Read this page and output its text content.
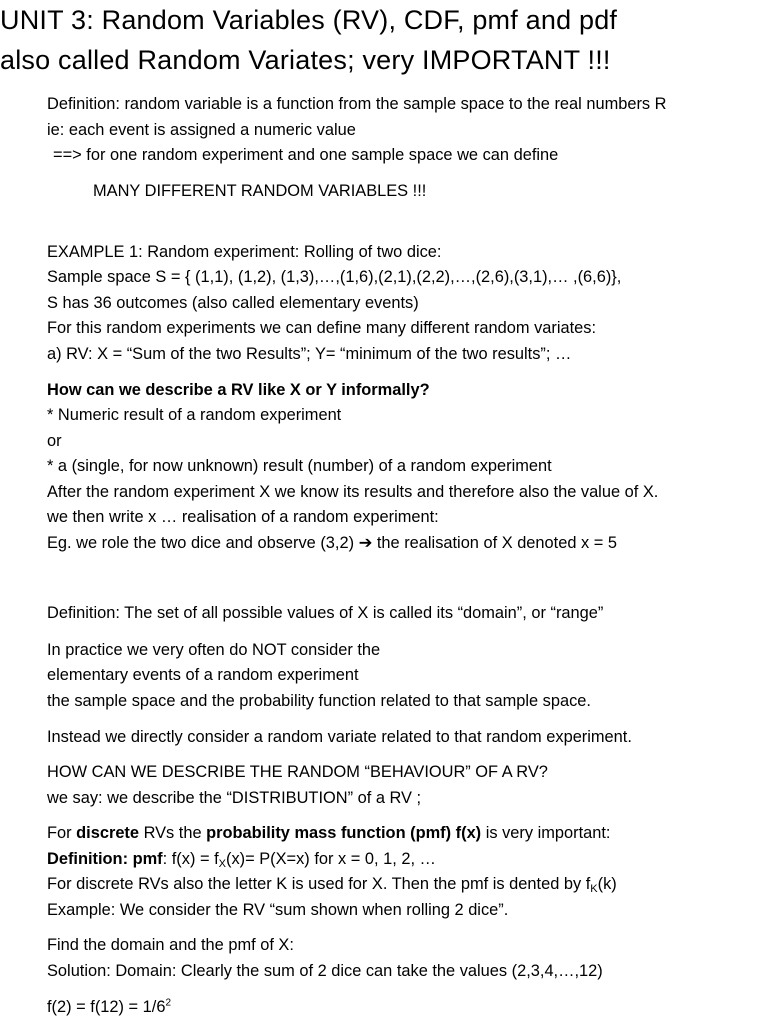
UNIT 3: Random Variables (RV), CDF, pmf and pdf
also called Random Variates; very IMPORTANT !!!

Definition: random variable is a function from the sample space to the real numbers R

ie: each event is assigned a numeric value

==> for one random experiment and one sample space we can define

MANY DIFFERENT RANDOM VARIABLES !!!

EXAMPLE 1: Random experiment: Rolling of two dice:

Sample space S = { (1,1), (1,2), (1,3),…,(1,6),(2,1),(2,2),…,(2,6),(3,1),… ,(6,6)},

S has 36 outcomes (also called elementary events)

For this random experiments we can define many different random variates:

a) RV: X = “Sum of the two Results”; Y= “minimum of the two results”; …

How can we describe a RV like X or Y informally?

* Numeric result of a random experiment

or

* a (single, for now unknown) result (number) of a random experiment

After the random experiment X we know its results and therefore also the value of X.

we then write x … realisation of a random experiment:

Eg. we role the two dice and observe (3,2) ➔ the realisation of X denoted x = 5

Definition: The set of all possible values of X is called its “domain”, or “range”

In practice we very often do NOT consider the

elementary events of a random experiment

the sample space and the probability function related to that sample space.

Instead we directly consider a random variate related to that random experiment.

HOW CAN WE DESCRIBE THE RANDOM “BEHAVIOUR” OF A RV?

we say: we describe the “DISTRIBUTION” of a RV ;

For discrete RVs the probability mass function (pmf) f(x) is very important:

Definition: pmf: $f(x) = f_X(x)= P(X=x)$ for x = 0, 1, 2, …

For discrete RVs also the letter K is used for X. Then the pmf is dented by $f_K(k)$

Example: We consider the RV “sum shown when rolling 2 dice”.

Find the domain and the pmf of X:

Solution: Domain: Clearly the sum of 2 dice can take the values (2,3,4,…,12)

$f(2) = f(12) = 1/6^2$
